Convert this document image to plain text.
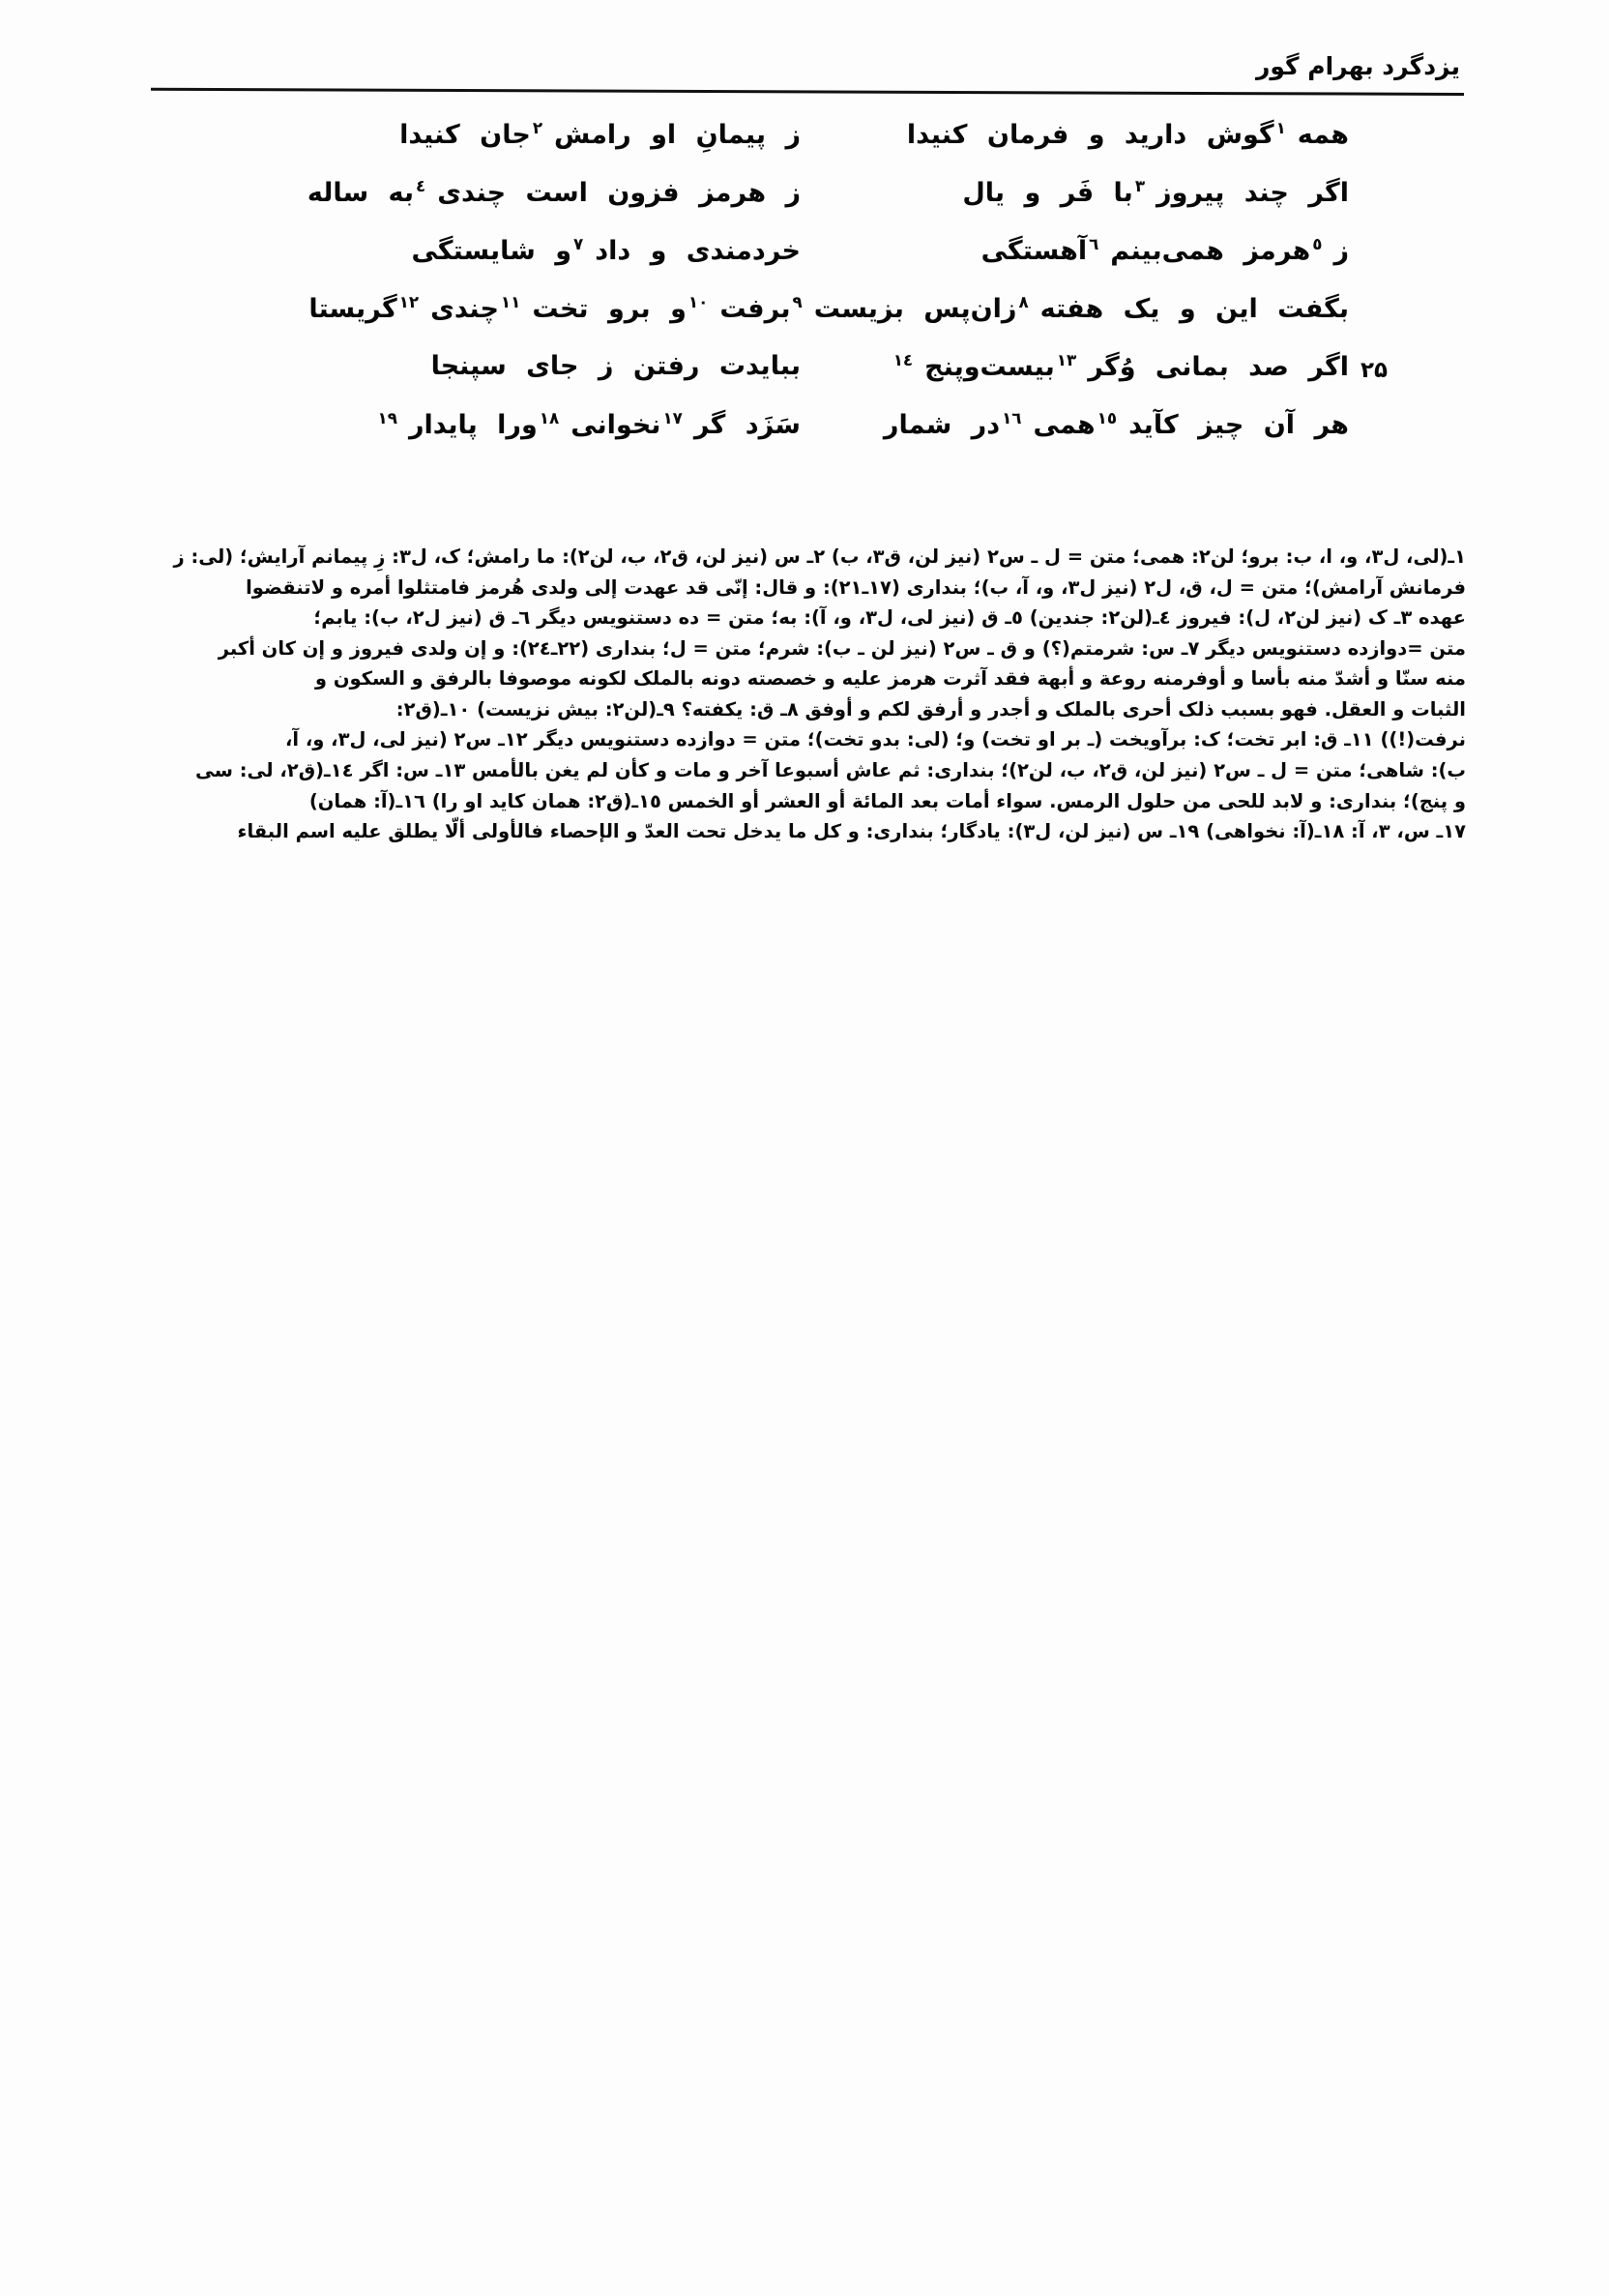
یزدگرد بهرام گور
همه$^١$گوش دارید و فرمان کنیدا
ز پیمانِ او رامش$^٢$جان کنیدا
اگر چند پیروز$^٣$با فَر و یال
ز هرمز فزون است چندی$^٤$به ساله
ز$^٥$هرمز همی‌بینم$^٦$آهستگی
خردمندی و داد$^٧$و شایستگی
بگفت این و یک هفته$^٨$زان‌پس بزیست$^٩$
برفت$^{١٠}$و برو تخت$^{١١}$چندی$^{١٢}$گریستا
۲۵
اگر صد بمانی وُگر$^{١٣}$بیست‌وپنج$^{١٤}$
بباید‌ت رفتن ز جای سپنجا
هر آن چیز کآید$^{١٥}$همی$^{١٦}$در شمار
سَزَد گر$^{١٧}$نخوانی$^{١٨}$ورا پایدار$^{١٩}$
١ـ(لی، ل٣، و، ا، ب: برو؛ لن٢: همی؛ متن = ل ـ س٢ (نیز لن، ق٣، ب) ٢ـ س (نیز لن، ق٢، ب، لن٢): ما رامش؛ ک، ل٣: زِ پیمانم آرایش؛ (لی: زفرمانش آرامش)؛ متن = ل، ق، ل٢ (نیز ل٣، و، آ، ب)؛ بنداری (١٧ـ٢١): و قال: إنّی قد عهدت إلی ولدی هُرمز فامتثلوا أمره و لاتنقضواعهده ٣ـ ک (نیز لن٢، ل): فیروز ٤ـ(لن٢: جندین) ٥ـ ق (نیز لی، ل٣، و، آ): به؛ متن = ده دستنویس دیگر ٦ـ ق (نیز ل٢، ب): یابم؛متن =دوازده دستنویس دیگر ٧ـ س: شرمتم(؟) و ق ـ س٢ (نیز لن ـ ب): شرم؛ متن = ل؛ بنداری (٢٢ـ٢٤): و إن ولدی فیروز و إن کان أکبرمنه سنّا و أشدّ منه بأسا و أوفرمنه روعة و أبهة فقد آثرت هرمز علیه و خصصته دونه بالملک لکونه موصوفا بالرفق و السکون والثبات و العقل. فهو بسبب ذلک أحری بالملک و أجدر و أرفق لکم و أوفق ٨ـ ق: یکفته؟ ٩ـ(لن٢: بیش نزیست) ١٠ـ(ق٢:نرفت(!)) ١١ـ ق: ابر تخت؛ ک: برآویخت (ـ بر او تخت) و؛ (لی: بدو تخت)؛ متن = دوازده دستنویس دیگر ١٢ـ س٢ (نیز لی، ل٣، و، آ،ب): شاهی؛ متن = ل ـ س٢ (نیز لن، ق٢، ب، لن٢)؛ بنداری: ثم عاش أسبوعا آخر و مات و کأن لم یغن بالأمس ١٣ـ س: اگر ١٤ـ(ق٢، لی: سیو پنج)؛ بنداری: و لابد للحی من حلول الرمس. سواء أمات بعد المائة أو العشر أو الخمس ١٥ـ(ق٢: همان کاید او را) ١٦ـ(آ: همان)١٧ـ س، ٣، آ: ١٨ـ(آ: نخواهی) ١٩ـ س (نیز لن، ل٣): یادگار؛ بنداری: و کل ما یدخل تحت العدّ و الإحصاء فالأولی ألّا یطلق علیه اسم البقاء
